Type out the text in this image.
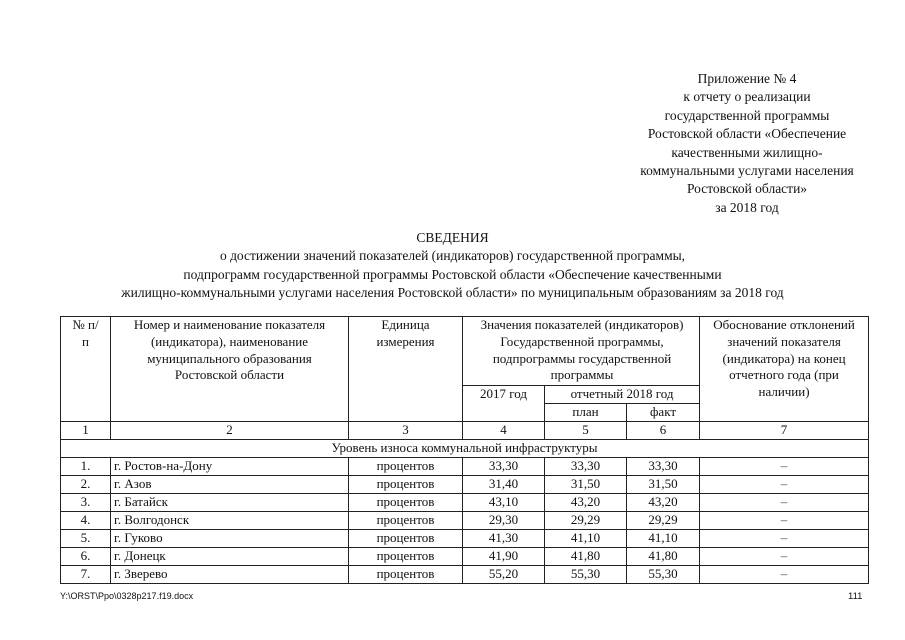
Приложение № 4
к отчету о реализации
государственной программы
Ростовской области «Обеспечение
качественными жилищно-
коммунальными услугами населения
Ростовской области»
за 2018 год
СВЕДЕНИЯ
о достижении значений показателей (индикаторов) государственной программы,
подпрограмм государственной программы Ростовской области «Обеспечение качественными
жилищно-коммунальными услугами населения Ростовской области» по муниципальным образованиям за 2018 год
№ п/п	Номер и наименование показателя (индикатора), наименование муниципального образования Ростовской области	Единица измерения	Значения показателей (индикаторов) Государственной программы, подпрограммы государственной программы			Обоснование отклонений значений показателя (индикатора) на конец отчетного года (при наличии)

			2017 год	отчетный 2018 год		
				план	факт	
1	2	3	4	5	6	7
Уровень износа коммунальной инфраструктуры						
1.	г. Ростов-на-Дону	процентов	33,30	33,30	33,30	–
2.	г. Азов	процентов	31,40	31,50	31,50	–
3.	г. Батайск	процентов	43,10	43,20	43,20	–
4.	г. Волгодонск	процентов	29,30	29,29	29,29	–
5.	г. Гуково	процентов	41,30	41,10	41,10	–
6.	г. Донецк	процентов	41,90	41,80	41,80	–
7.	г. Зверево	процентов	55,20	55,30	55,30	–
Y:\ORST\Ppo\0328p217.f19.docx	111
